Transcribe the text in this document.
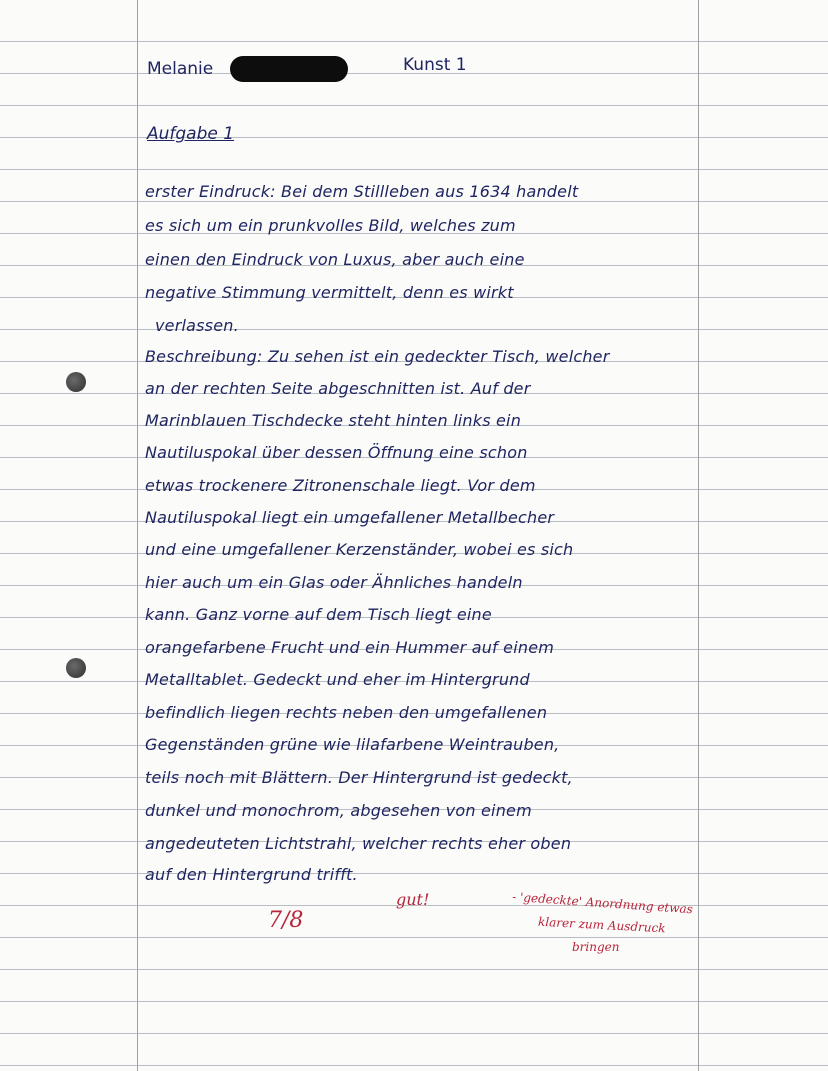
Melanie	Kunst 1
Aufgabe 1
erster Eindruck: Bei dem Stillleben aus 1634 handelt
es sich um ein prunkvolles Bild, welches zum
einen den Eindruck von Luxus, aber auch eine
negative Stimmung vermittelt, denn es wirkt
verlassen.
Beschreibung: Zu sehen ist ein gedeckter Tisch, welcher
an der rechten Seite abgeschnitten ist. Auf der
Marinblauen Tischdecke steht hinten links ein
Nautiluspokal über dessen Öffnung eine schon
etwas trockenere Zitronenschale liegt. Vor dem
Nautiluspokal liegt ein umgefallener Metallbecher
und eine umgefallener Kerzenständer, wobei es sich
hier auch um ein Glas oder Ähnliches handeln
kann. Ganz vorne auf dem Tisch liegt eine
orangefarbene Frucht und ein Hummer auf einem
Metalltablet. Gedeckt und eher im Hintergrund
befindlich liegen rechts neben den umgefallenen
Gegenständen grüne wie lilafarbene Weintrauben,
teils noch mit Blättern. Der Hintergrund ist gedeckt,
dunkel und monochrom, abgesehen von einem
angedeuteten Lichtstrahl, welcher rechts eher oben
auf den Hintergrund trifft.
gut!
7/8
- 'gedeckte' Anordnung etwas
klarer zum Ausdruck
bringen
